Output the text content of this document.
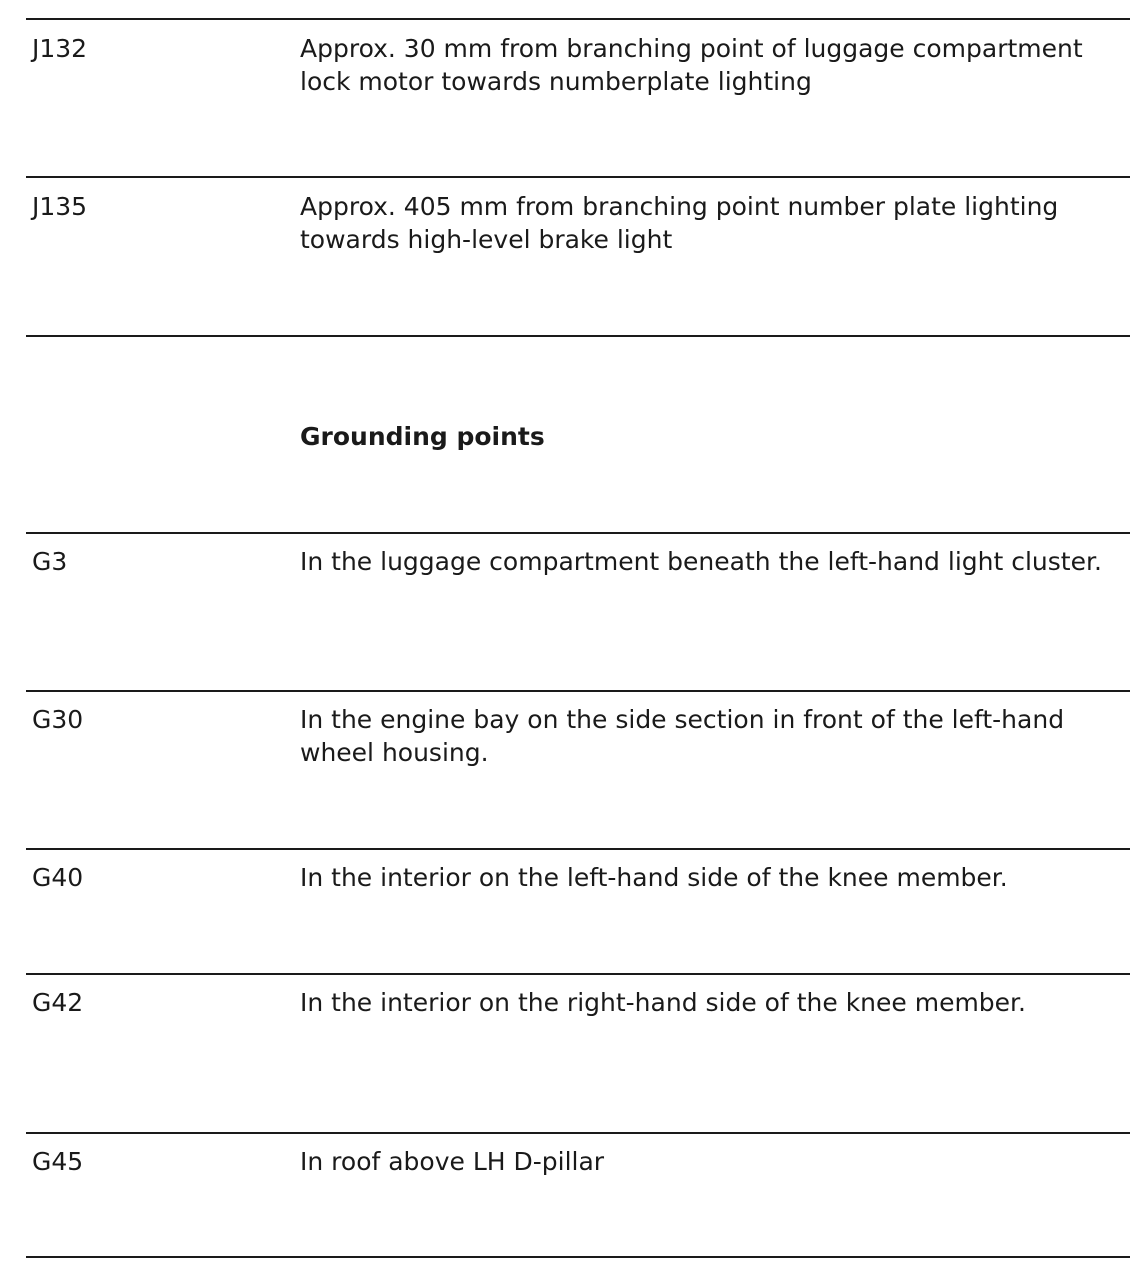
J132	Approx. 30 mm from branching point of luggage compartment lock motor towards numberplate lighting

J135	Approx. 405 mm from branching point number plate lighting towards high-level brake light

Grounding points

G3	In the luggage compartment beneath the left-hand light cluster.

G30	In the engine bay on the side section in front of the left-hand wheel housing.

G40	In the interior on the left-hand side of the knee member.

G42	In the interior on the right-hand side of the knee member.

G45	In roof above LH D-pillar
